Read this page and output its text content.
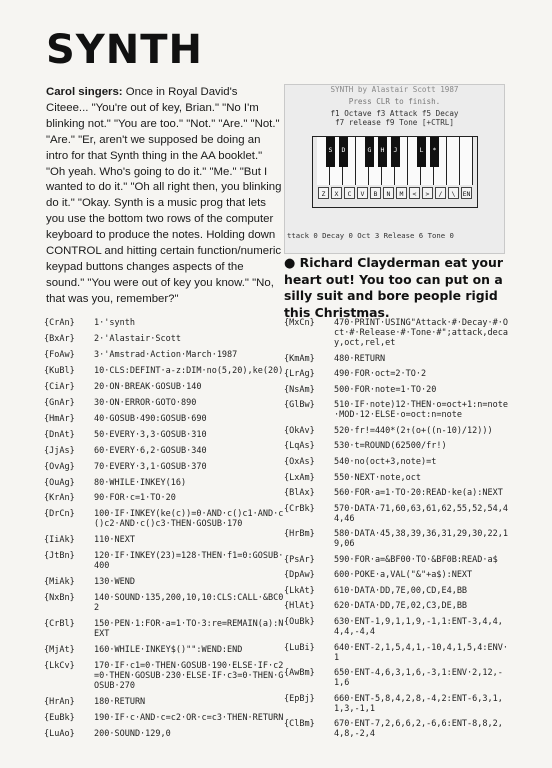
SYNTH
Carol singers: Once in Royal David's Citeee... "You're out of key, Brian." "No I'm blinking not." "You are too." "Not." "Are." "Not." "Are." "Er, aren't we supposed be doing an intro for that Synth thing in the AA booklet." "Oh yeah. Who's going to do it." "Me." "But I wanted to do it." "Oh all right then, you blinking do it." "Okay. Synth is a music prog that lets you use the bottom two rows of the computer keyboard to produce the notes. Holding down CONTROL and hitting certain function/numeric keypad buttons changes aspects of the sound." "You were out of key you know." "No, that was you, remember?"
SYNTH by Alastair Scott 1987
Press CLR to finish.
f1 Octave f3 Attack f5 Decay
f7 release f9 Tone [+CTRL]
S	D	G	H	J	L	*
Z	X	C	V	B	N	M	<	>	/	\	EN
ttack 0 Decay 0 Oct 3 Release 6 Tone 0
● Richard Clayderman eat your heart out! You too can put on a silly suit and bore people rigid this Christmas.
{CrAn}	1·'synth
{BxAr}	2·'Alastair·Scott
{FoAw}	3·'Amstrad·Action·March·1987
{KuBl}	10·CLS:DEFINT·a-z:DIM·no(5,20),ke(20)
{CiAr}	20·ON·BREAK·GOSUB·140
{GnAr}	30·ON·ERROR·GOTO·890
{HmAr}	40·GOSUB·490:GOSUB·690
{DnAt}	50·EVERY·3,3·GOSUB·310
{JjAs}	60·EVERY·6,2·GOSUB·340
{OvAg}	70·EVERY·3,1·GOSUB·370
{OuAg}	80·WHILE·INKEY(16)
{KrAn}	90·FOR·c=1·TO·20
{DrCn}	100·IF·INKEY(ke(c))=0·AND·c()c1·AND·c()c2·AND·c()c3·THEN·GOSUB·170
{IiAk}	110·NEXT
{JtBn}	120·IF·INKEY(23)=128·THEN·f1=0:GOSUB·400
{MiAk}	130·WEND
{NxBn}	140·SOUND·135,200,10,10:CLS:CALL·&BC02
{CrBl}	150·PEN·1:FOR·a=1·TO·3:re=REMAIN(a):NEXT
{MjAt}	160·WHILE·INKEY$()"":WEND:END
{LkCv}	170·IF·c1=0·THEN·GOSUB·190·ELSE·IF·c2=0·THEN·GOSUB·230·ELSE·IF·c3=0·THEN·GOSUB·270
{HrAn}	180·RETURN
{EuBk}	190·IF·c·AND·c=c2·OR·c=c3·THEN·RETURN
{LuAo}	200·SOUND·129,0
{MxCn}	470·PRINT·USING"Attack·#·Decay·#·Oct·#·Release·#·Tone·#";attack,decay,oct,rel,et
{KmAm}	480·RETURN
{LrAg}	490·FOR·oct=2·TO·2
{NsAm}	500·FOR·note=1·TO·20
{GlBw}	510·IF·note)12·THEN·o=oct+1:n=note·MOD·12·ELSE·o=oct:n=note
{OkAv}	520·fr!=440*(2↑(o+((n-10)/12)))
{LqAs}	530·t=ROUND(62500/fr!)
{OxAs}	540·no(oct+3,note)=t
{LxAm}	550·NEXT·note,oct
{BlAx}	560·FOR·a=1·TO·20:READ·ke(a):NEXT
{CrBk}	570·DATA·71,60,63,61,62,55,52,54,44,46
{HrBm}	580·DATA·45,38,39,36,31,29,30,22,19,06
{PsAr}	590·FOR·a=&BF00·TO·&BF0B:READ·a$
{DpAw}	600·POKE·a,VAL("&"+a$):NEXT
{LkAt}	610·DATA·DD,7E,00,CD,E4,BB
{HlAt}	620·DATA·DD,7E,02,C3,DE,BB
{OuBk}	630·ENT-1,9,1,1,9,-1,1:ENT-3,4,4,4,4,-4,4
{LuBi}	640·ENT-2,1,5,4,1,-10,4,1,5,4:ENV·1
{AwBm}	650·ENT-4,6,3,1,6,-3,1:ENV·2,12,-1,6
{EpBj}	660·ENT-5,8,4,2,8,-4,2:ENT-6,3,1,1,3,-1,1
{ClBm}	670·ENT-7,2,6,6,2,-6,6:ENT-8,8,2,4,8,-2,4
